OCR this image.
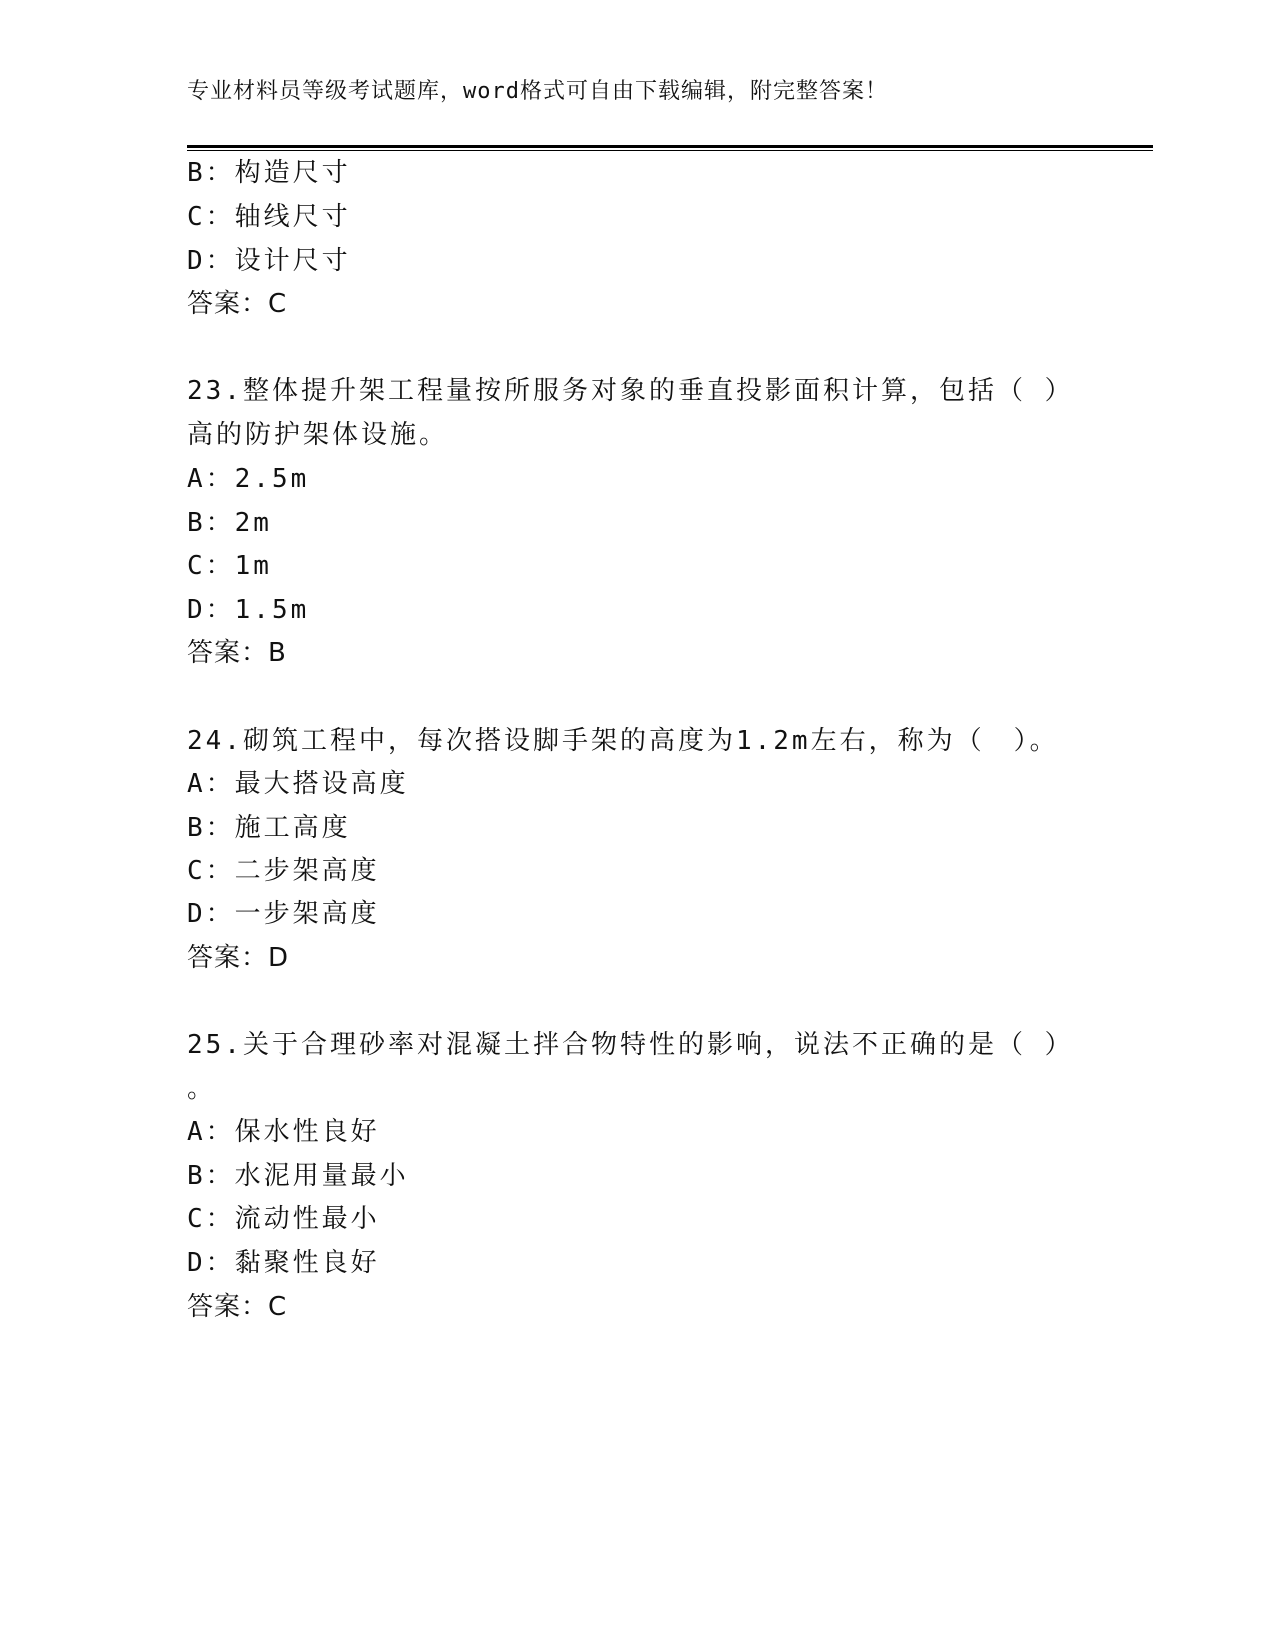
专业材料员等级考试题库，word格式可自由下载编辑，附完整答案！
B：构造尺寸
C：轴线尺寸
D：设计尺寸
答案：C
23.整体提升架工程量按所服务对象的垂直投影面积计算，包括（ ）
高的防护架体设施。
A：2.5m
B：2m
C：1m
D：1.5m
答案：B
24.砌筑工程中，每次搭设脚手架的高度为1.2m左右，称为（　）。
A：最大搭设高度
B：施工高度
C：二步架高度
D：一步架高度
答案：D
25.关于合理砂率对混凝土拌合物特性的影响，说法不正确的是（ ）
。
A：保水性良好
B：水泥用量最小
C：流动性最小
D：黏聚性良好
答案：C
